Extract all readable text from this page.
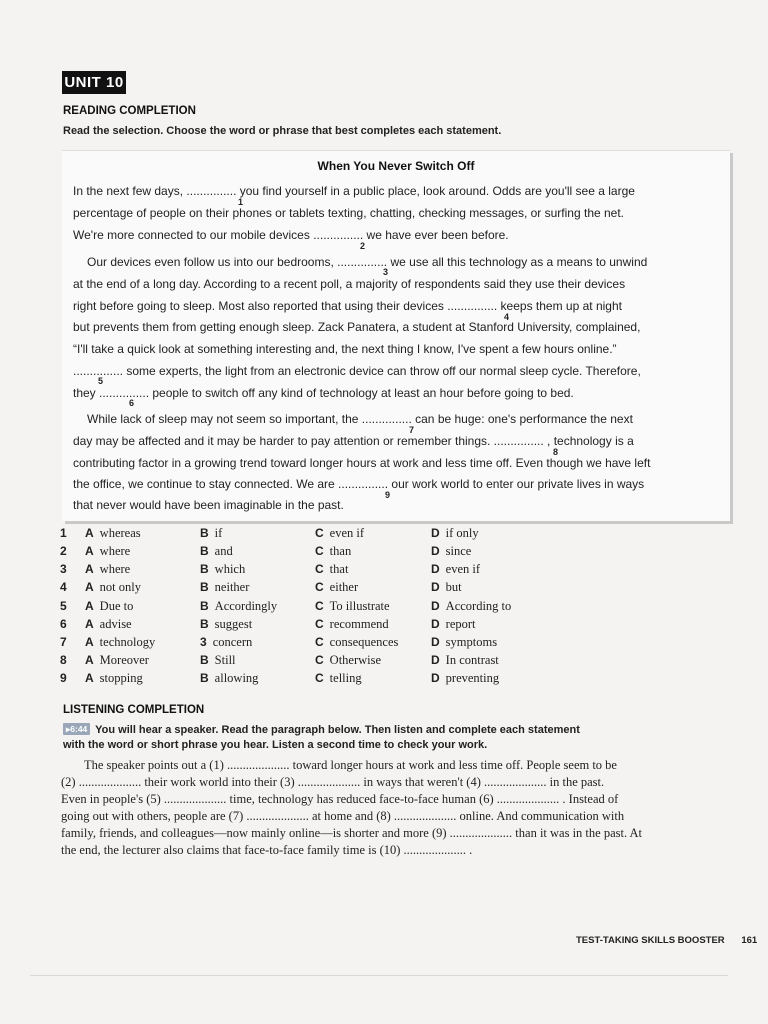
UNIT 10
READING COMPLETION
Read the selection. Choose the word or phrase that best completes each statement.
When You Never Switch Off
In the next few days, ............... you find yourself in a public place, look around. Odds are you'll see a large
percentage of people on their phones or tablets texting, chatting, checking messages, or surfing the net.
We're more connected to our mobile devices ............... we have ever been before.
Our devices even follow us into our bedrooms, ............... we use all this technology as a means to unwind
at the end of a long day. According to a recent poll, a majority of respondents said they use their devices
right before going to sleep. Most also reported that using their devices ............... keeps them up at night
but prevents them from getting enough sleep. Zack Panatera, a student at Stanford University, complained,
“I'll take a quick look at something interesting and, the next thing I know, I've spent a few hours online.”
............... some experts, the light from an electronic device can throw off our normal sleep cycle. Therefore,
they ............... people to switch off any kind of technology at least an hour before going to bed.
While lack of sleep may not seem so important, the ............... can be huge: one's performance the next
day may be affected and it may be harder to pay attention or remember things. ............... , technology is a
contributing factor in a growing trend toward longer hours at work and less time off. Even though we have left
the office, we continue to stay connected. We are ............... our work world to enter our private lives in ways
that never would have been imaginable in the past.
1
2
3
4
5
6
7
8
9
1 A whereas	B if	C even if	D if only
2 A where	B and	C than	D since
3 A where	B which	C that	D even if
4 A not only	B neither	C either	D but
5 A Due to	B Accordingly	C To illustrate	D According to
6 A advise	B suggest	C recommend	D report
7 A technology	3 concern	C consequences	D symptoms
8 A Moreover	B Still	C Otherwise	D In contrast
9 A stopping	B allowing	C telling	D preventing
LISTENING COMPLETION
▸6:44 You will hear a speaker. Read the paragraph below. Then listen and complete each statement
with the word or short phrase you hear. Listen a second time to check your work.
The speaker points out a (1) .................... toward longer hours at work and less time off. People seem to be
(2) .................... their work world into their (3) .................... in ways that weren't (4) .................... in the past.
Even in people's (5) .................... time, technology has reduced face-to-face human (6) .................... . Instead of
going out with others, people are (7) .................... at home and (8) .................... online. And communication with
family, friends, and colleagues—now mainly online—is shorter and more (9) .................... than it was in the past. At
the end, the lecturer also claims that face-to-face family time is (10) .................... .
TEST-TAKING SKILLS BOOSTER 161
